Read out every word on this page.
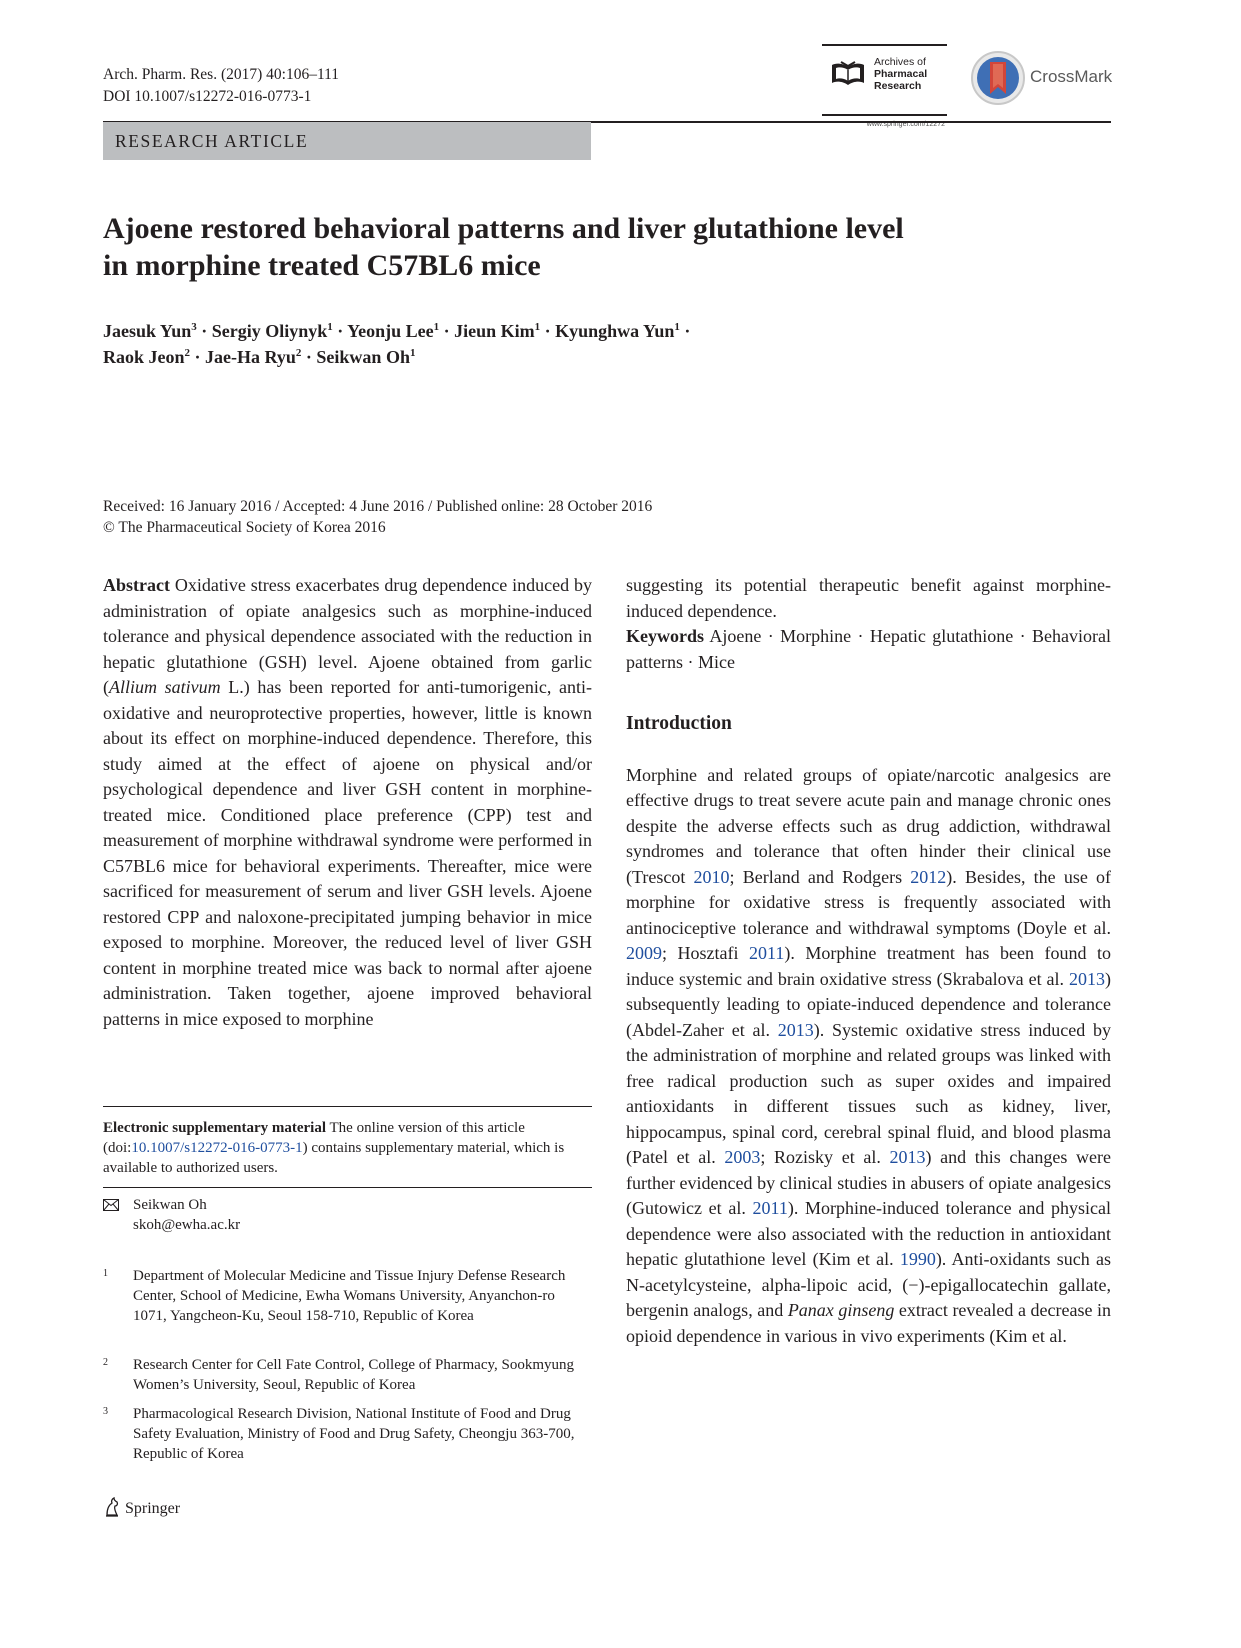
Arch. Pharm. Res. (2017) 40:106–111
DOI 10.1007/s12272-016-0773-1
Archives of
Pharmacal
Research
www.springer.com/12272
CrossMark
RESEARCH ARTICLE
Ajoene restored behavioral patterns and liver glutathione level
in morphine treated C57BL6 mice
Jaesuk Yun$^3$ · Sergiy Oliynyk$^1$ · Yeonju Lee$^1$ · Jieun Kim$^1$ · Kyunghwa Yun$^1$ ·
Raok Jeon$^2$ · Jae-Ha Ryu$^2$ · Seikwan Oh$^1$
Received: 16 January 2016 / Accepted: 4 June 2016 / Published online: 28 October 2016
© The Pharmaceutical Society of Korea 2016

Abstract Oxidative stress exacerbates drug dependence induced by administration of opiate analgesics such as morphine-induced tolerance and physical dependence associated with the reduction in hepatic glutathione (GSH) level. Ajoene obtained from garlic (Allium sativum L.) has been reported for anti-tumorigenic, anti-oxidative and neuroprotective properties, however, little is known about its effect on morphine-induced dependence. Therefore, this study aimed at the effect of ajoene on physical and/or psychological dependence and liver GSH content in morphine-treated mice. Conditioned place preference (CPP) test and measurement of morphine withdrawal syndrome were performed in C57BL6 mice for behavioral experiments. Thereafter, mice were sacrificed for measurement of serum and liver GSH levels. Ajoene restored CPP and naloxone-precipitated jumping behavior in mice exposed to morphine. Moreover, the reduced level of liver GSH content in morphine treated mice was back to normal after ajoene administration. Taken together, ajoene improved behavioral patterns in mice exposed to morphine

Electronic supplementary material The online version of this article (doi:10.1007/s12272-016-0773-1) contains supplementary material, which is available to authorized users.
Seikwan Oh
skoh@ewha.ac.kr
1 Department of Molecular Medicine and Tissue Injury Defense Research Center, School of Medicine, Ewha Womans University, Anyanchon-ro 1071, Yangcheon-Ku, Seoul 158-710, Republic of Korea
2 Research Center for Cell Fate Control, College of Pharmacy, Sookmyung Women’s University, Seoul, Republic of Korea
3 Pharmacological Research Division, National Institute of Food and Drug Safety Evaluation, Ministry of Food and Drug Safety, Cheongju 363-700, Republic of Korea

suggesting its potential therapeutic benefit against morphine-induced dependence.

Keywords Ajoene · Morphine · Hepatic glutathione · Behavioral patterns · Mice

Introduction

Morphine and related groups of opiate/narcotic analgesics are effective drugs to treat severe acute pain and manage chronic ones despite the adverse effects such as drug addiction, withdrawal syndromes and tolerance that often hinder their clinical use (Trescot 2010; Berland and Rodgers 2012). Besides, the use of morphine for oxidative stress is frequently associated with antinociceptive tolerance and withdrawal symptoms (Doyle et al. 2009; Hosztafi 2011). Morphine treatment has been found to induce systemic and brain oxidative stress (Skrabalova et al. 2013) subsequently leading to opiate-induced dependence and tolerance (Abdel-Zaher et al. 2013). Systemic oxidative stress induced by the administration of morphine and related groups was linked with free radical production such as super oxides and impaired antioxidants in different tissues such as kidney, liver, hippocampus, spinal cord, cerebral spinal fluid, and blood plasma (Patel et al. 2003; Rozisky et al. 2013) and this changes were further evidenced by clinical studies in abusers of opiate analgesics (Gutowicz et al. 2011). Morphine-induced tolerance and physical dependence were also associated with the reduction in antioxidant hepatic glutathione level (Kim et al. 1990). Anti-oxidants such as N-acetylcysteine, alpha-lipoic acid, (−)-epigallocatechin gallate, bergenin analogs, and Panax ginseng extract revealed a decrease in opioid dependence in various in vivo experiments (Kim et al.

Springer
